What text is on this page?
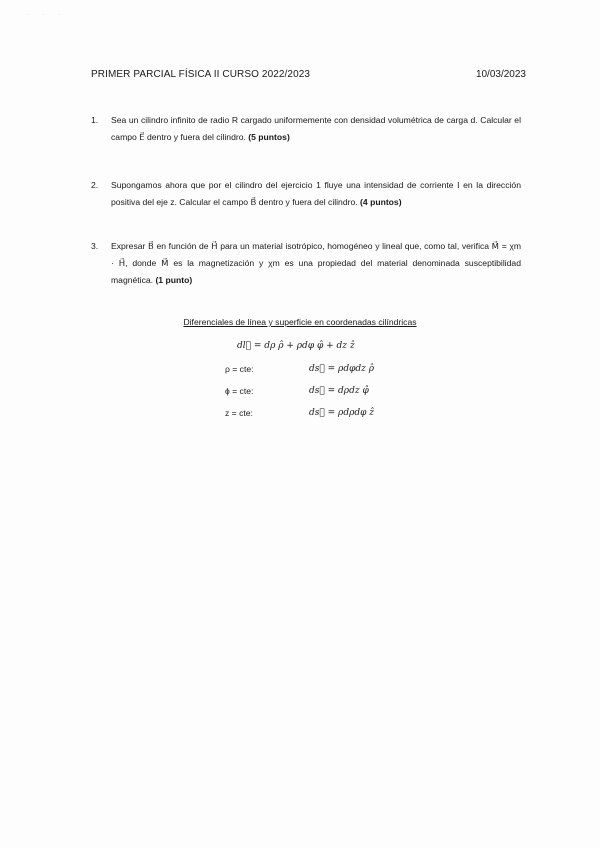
· · ·
PRIMER PARCIAL FÍSICA II CURSO 2022/2023	10/03/2023
1. Sea un cilindro infinito de radio R cargado uniformemente con densidad volumétrica de carga d. Calcular el campo E⃗ dentro y fuera del cilindro. (5 puntos)
2. Supongamos ahora que por el cilindro del ejercicio 1 fluye una intensidad de corriente I en la dirección positiva del eje z. Calcular el campo B⃗ dentro y fuera del cilindro. (4 puntos)
3. Expresar B⃗ en función de H⃗ para un material isotrópico, homogéneo y lineal que, como tal, verifica M⃗ = χm · H⃗, donde M⃗ es la magnetización y χm es una propiedad del material denominada susceptibilidad magnética. (1 punto)
Diferenciales de línea y superficie en coordenadas cilíndricas
dl⃗ = dρ ρ̂ + ρdφ φ̂ + dz ẑ
ρ = cte:	ds⃗ = ρdφdz ρ̂
ɸ = cte:	ds⃗ = dρdz φ̂
z = cte:	ds⃗ = ρdρdφ ẑ
